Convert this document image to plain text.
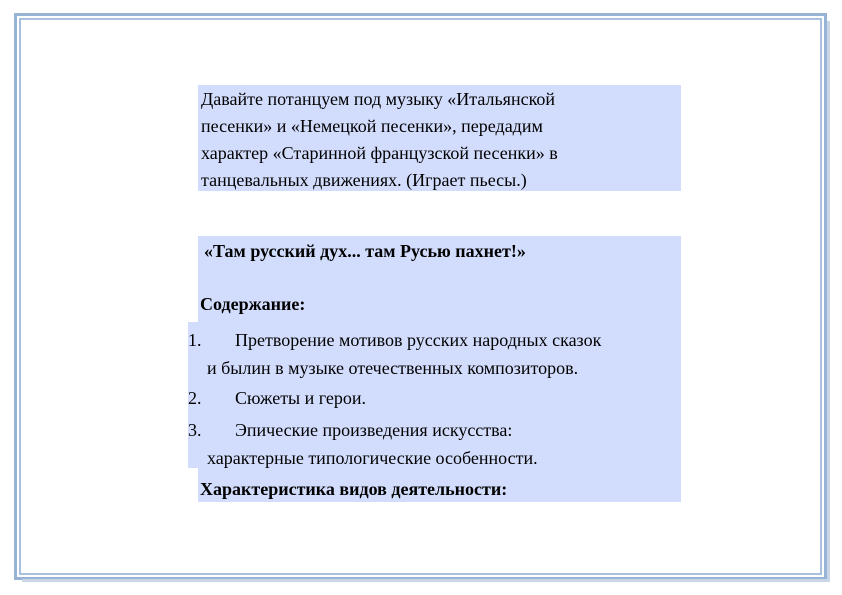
Давайте потанцуем под музыку «Итальянской
песенки» и «Немецкой песенки», передадим
характер «Старинной французской песенки» в
танцевальных движениях. (Играет пьесы.)
«Там русский дух... там Русью пахнет!»
Содержание:
1. Претворение мотивов русских народных сказок
и былин в музыке отечественных композиторов.
2. Сюжеты и герои.
3. Эпические произведения искусства:
характерные типологические особенности.
Характеристика видов деятельности:
